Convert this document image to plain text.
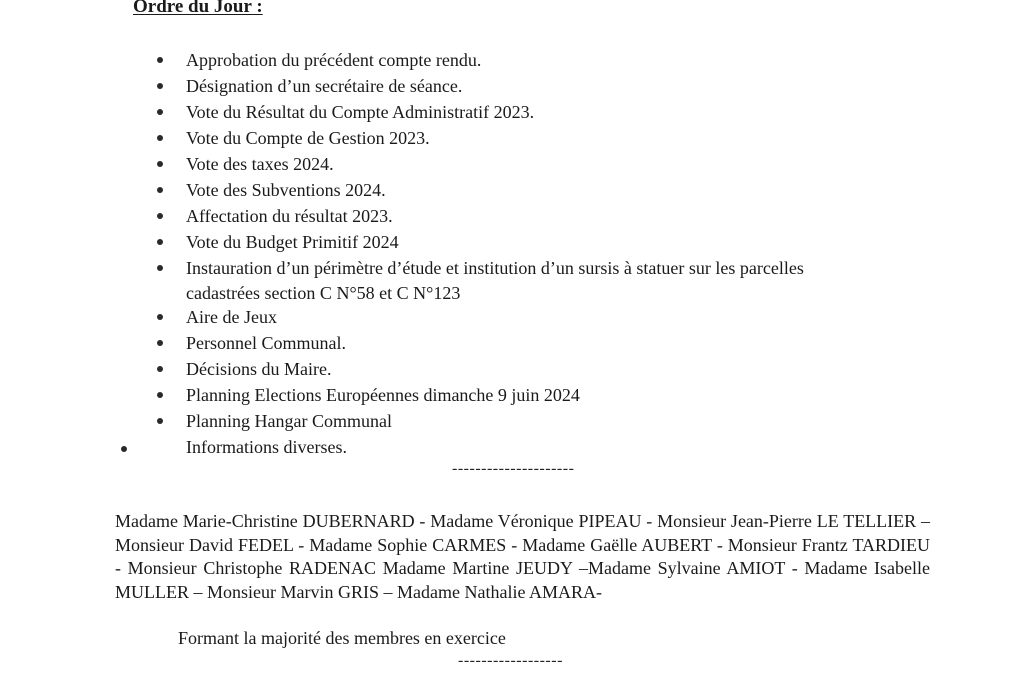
Ordre du Jour :
Approbation du précédent compte rendu.
Désignation d’un secrétaire de séance.
Vote du Résultat du Compte Administratif 2023.
Vote du Compte de Gestion 2023.
Vote des taxes 2024.
Vote des Subventions 2024.
Affectation du résultat 2023.
Vote du Budget Primitif 2024
Instauration d’un périmètre d’étude et institution d’un sursis à statuer sur les parcelles
cadastrées section C N°58 et C N°123
Aire de Jeux
Personnel Communal.
Décisions du Maire.
Planning Elections Européennes dimanche 9 juin 2024
Planning Hangar Communal
Informations diverses.
---------------------
Madame Marie-Christine DUBERNARD - Madame Véronique PIPEAU - Monsieur Jean-Pierre LE TELLIER –Monsieur David FEDEL - Madame Sophie CARMES - Madame Gaëlle AUBERT - Monsieur Frantz TARDIEU - Monsieur Christophe RADENAC Madame Martine JEUDY –Madame Sylvaine AMIOT - Madame Isabelle MULLER – Monsieur Marvin GRIS – Madame Nathalie AMARA-
Formant la majorité des membres en exercice
------------------
